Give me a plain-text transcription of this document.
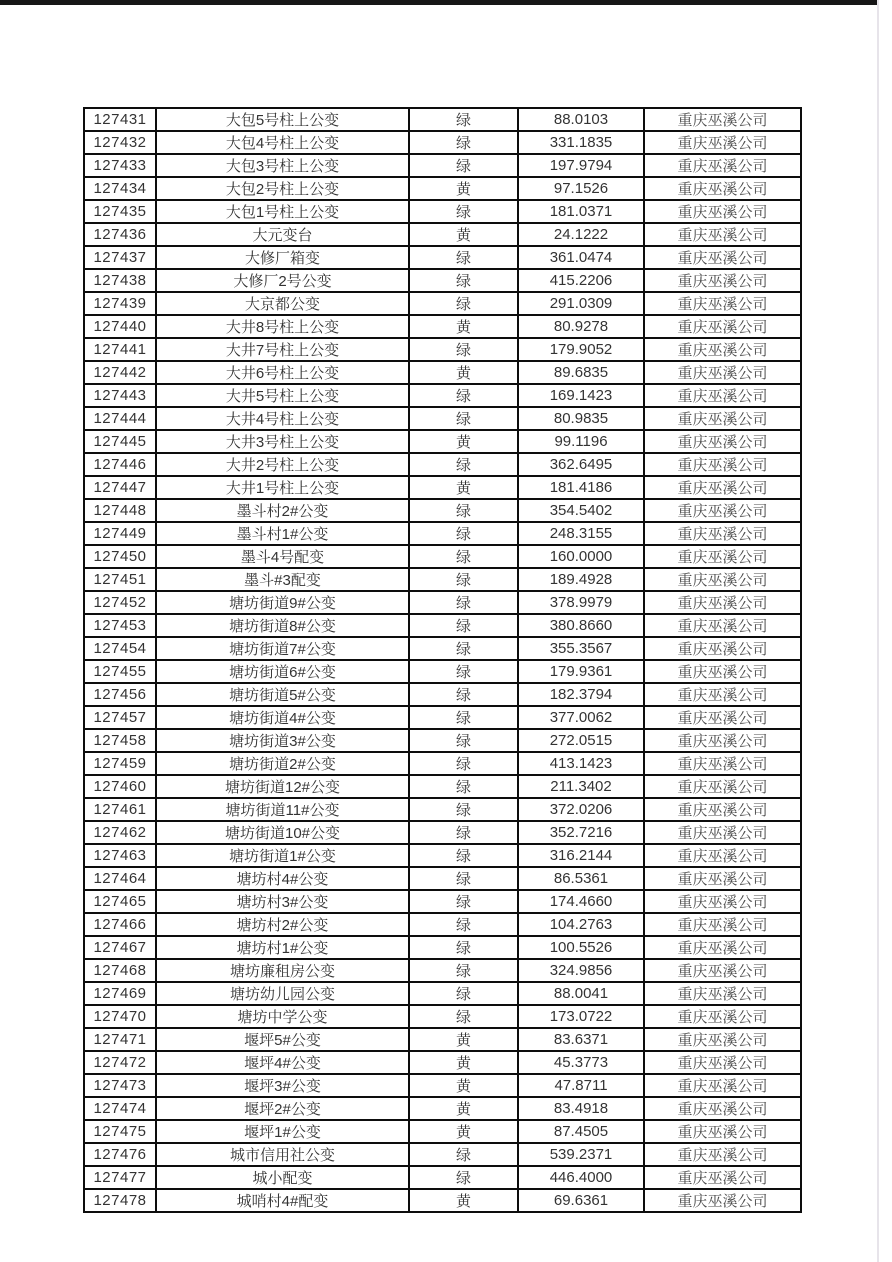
127431	大包5号柱上公变	绿	88.0103	重庆巫溪公司
127432	大包4号柱上公变	绿	331.1835	重庆巫溪公司
127433	大包3号柱上公变	绿	197.9794	重庆巫溪公司
127434	大包2号柱上公变	黄	97.1526	重庆巫溪公司
127435	大包1号柱上公变	绿	181.0371	重庆巫溪公司
127436	大元变台	黄	24.1222	重庆巫溪公司
127437	大修厂箱变	绿	361.0474	重庆巫溪公司
127438	大修厂2号公变	绿	415.2206	重庆巫溪公司
127439	大京都公变	绿	291.0309	重庆巫溪公司
127440	大井8号柱上公变	黄	80.9278	重庆巫溪公司
127441	大井7号柱上公变	绿	179.9052	重庆巫溪公司
127442	大井6号柱上公变	黄	89.6835	重庆巫溪公司
127443	大井5号柱上公变	绿	169.1423	重庆巫溪公司
127444	大井4号柱上公变	绿	80.9835	重庆巫溪公司
127445	大井3号柱上公变	黄	99.1196	重庆巫溪公司
127446	大井2号柱上公变	绿	362.6495	重庆巫溪公司
127447	大井1号柱上公变	黄	181.4186	重庆巫溪公司
127448	墨斗村2#公变	绿	354.5402	重庆巫溪公司
127449	墨斗村1#公变	绿	248.3155	重庆巫溪公司
127450	墨斗4号配变	绿	160.0000	重庆巫溪公司
127451	墨斗#3配变	绿	189.4928	重庆巫溪公司
127452	塘坊街道9#公变	绿	378.9979	重庆巫溪公司
127453	塘坊街道8#公变	绿	380.8660	重庆巫溪公司
127454	塘坊街道7#公变	绿	355.3567	重庆巫溪公司
127455	塘坊街道6#公变	绿	179.9361	重庆巫溪公司
127456	塘坊街道5#公变	绿	182.3794	重庆巫溪公司
127457	塘坊街道4#公变	绿	377.0062	重庆巫溪公司
127458	塘坊街道3#公变	绿	272.0515	重庆巫溪公司
127459	塘坊街道2#公变	绿	413.1423	重庆巫溪公司
127460	塘坊街道12#公变	绿	211.3402	重庆巫溪公司
127461	塘坊街道11#公变	绿	372.0206	重庆巫溪公司
127462	塘坊街道10#公变	绿	352.7216	重庆巫溪公司
127463	塘坊街道1#公变	绿	316.2144	重庆巫溪公司
127464	塘坊村4#公变	绿	86.5361	重庆巫溪公司
127465	塘坊村3#公变	绿	174.4660	重庆巫溪公司
127466	塘坊村2#公变	绿	104.2763	重庆巫溪公司
127467	塘坊村1#公变	绿	100.5526	重庆巫溪公司
127468	塘坊廉租房公变	绿	324.9856	重庆巫溪公司
127469	塘坊幼儿园公变	绿	88.0041	重庆巫溪公司
127470	塘坊中学公变	绿	173.0722	重庆巫溪公司
127471	堰坪5#公变	黄	83.6371	重庆巫溪公司
127472	堰坪4#公变	黄	45.3773	重庆巫溪公司
127473	堰坪3#公变	黄	47.8711	重庆巫溪公司
127474	堰坪2#公变	黄	83.4918	重庆巫溪公司
127475	堰坪1#公变	黄	87.4505	重庆巫溪公司
127476	城市信用社公变	绿	539.2371	重庆巫溪公司
127477	城小配变	绿	446.4000	重庆巫溪公司
127478	城哨村4#配变	黄	69.6361	重庆巫溪公司
